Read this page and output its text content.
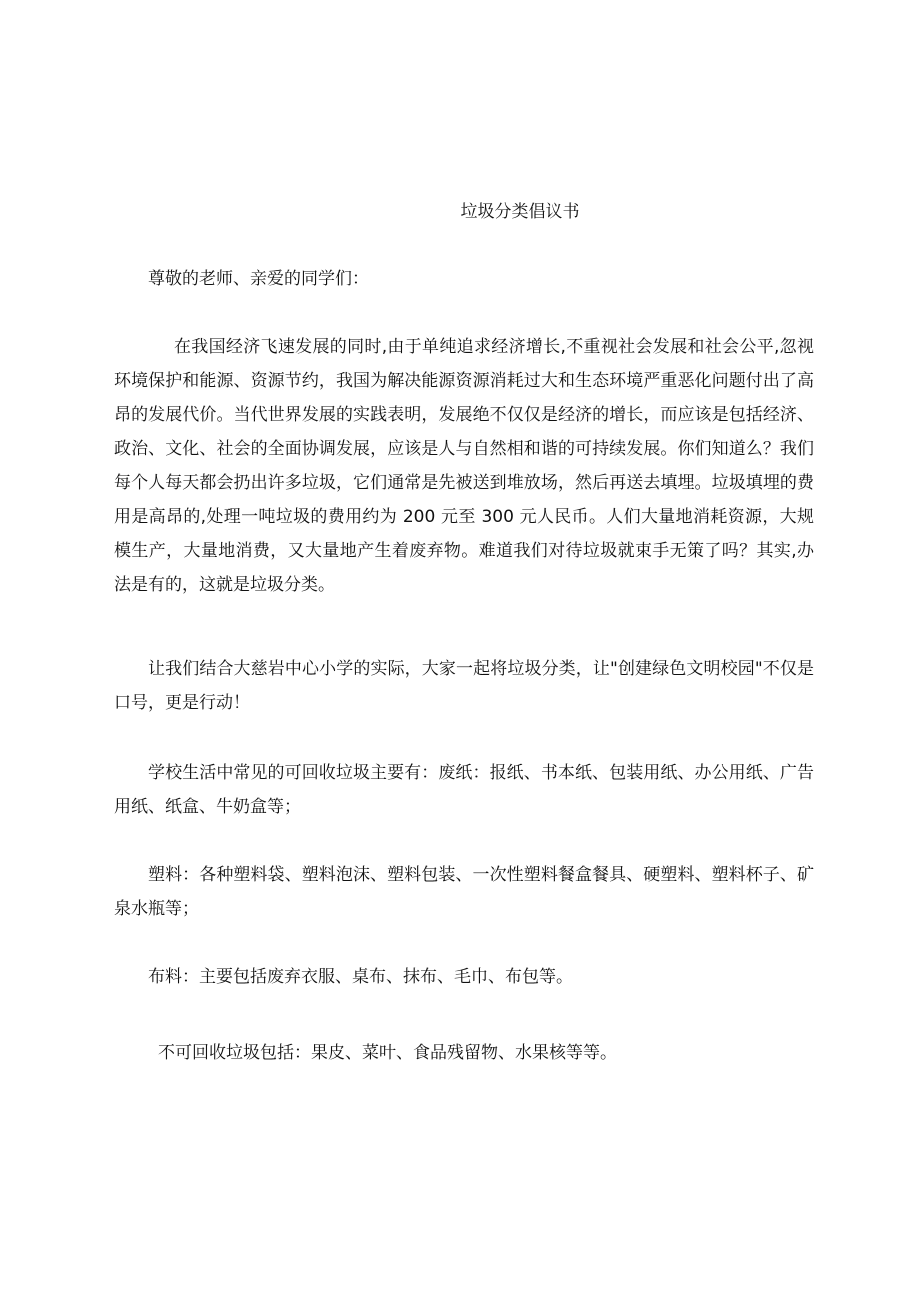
垃圾分类倡议书
尊敬的老师、亲爱的同学们：
在我国经济飞速发展的同时,由于单纯追求经济增长,不重视社会发展和社会公平,忽视环境保护和能源、资源节约，我国为解决能源资源消耗过大和生态环境严重恶化问题付出了高昂的发展代价。当代世界发展的实践表明，发展绝不仅仅是经济的增长，而应该是包括经济、政治、文化、社会的全面协调发展，应该是人与自然相和谐的可持续发展。你们知道么？我们每个人每天都会扔出许多垃圾，它们通常是先被送到堆放场，然后再送去填埋。垃圾填埋的费用是高昂的,处理一吨垃圾的费用约为 200 元至 300 元人民币。人们大量地消耗资源，大规模生产，大量地消费，又大量地产生着废弃物。难道我们对待垃圾就束手无策了吗？其实,办法是有的，这就是垃圾分类。
让我们结合大慈岩中心小学的实际，大家一起将垃圾分类，让"创建绿色文明校园"不仅是口号，更是行动！
学校生活中常见的可回收垃圾主要有：废纸：报纸、书本纸、包装用纸、办公用纸、广告用纸、纸盒、牛奶盒等；
塑料：各种塑料袋、塑料泡沫、塑料包装、一次性塑料餐盒餐具、硬塑料、塑料杯子、矿泉水瓶等；
布料：主要包括废弃衣服、桌布、抹布、毛巾、布包等。
不可回收垃圾包括：果皮、菜叶、食品残留物、水果核等等。
